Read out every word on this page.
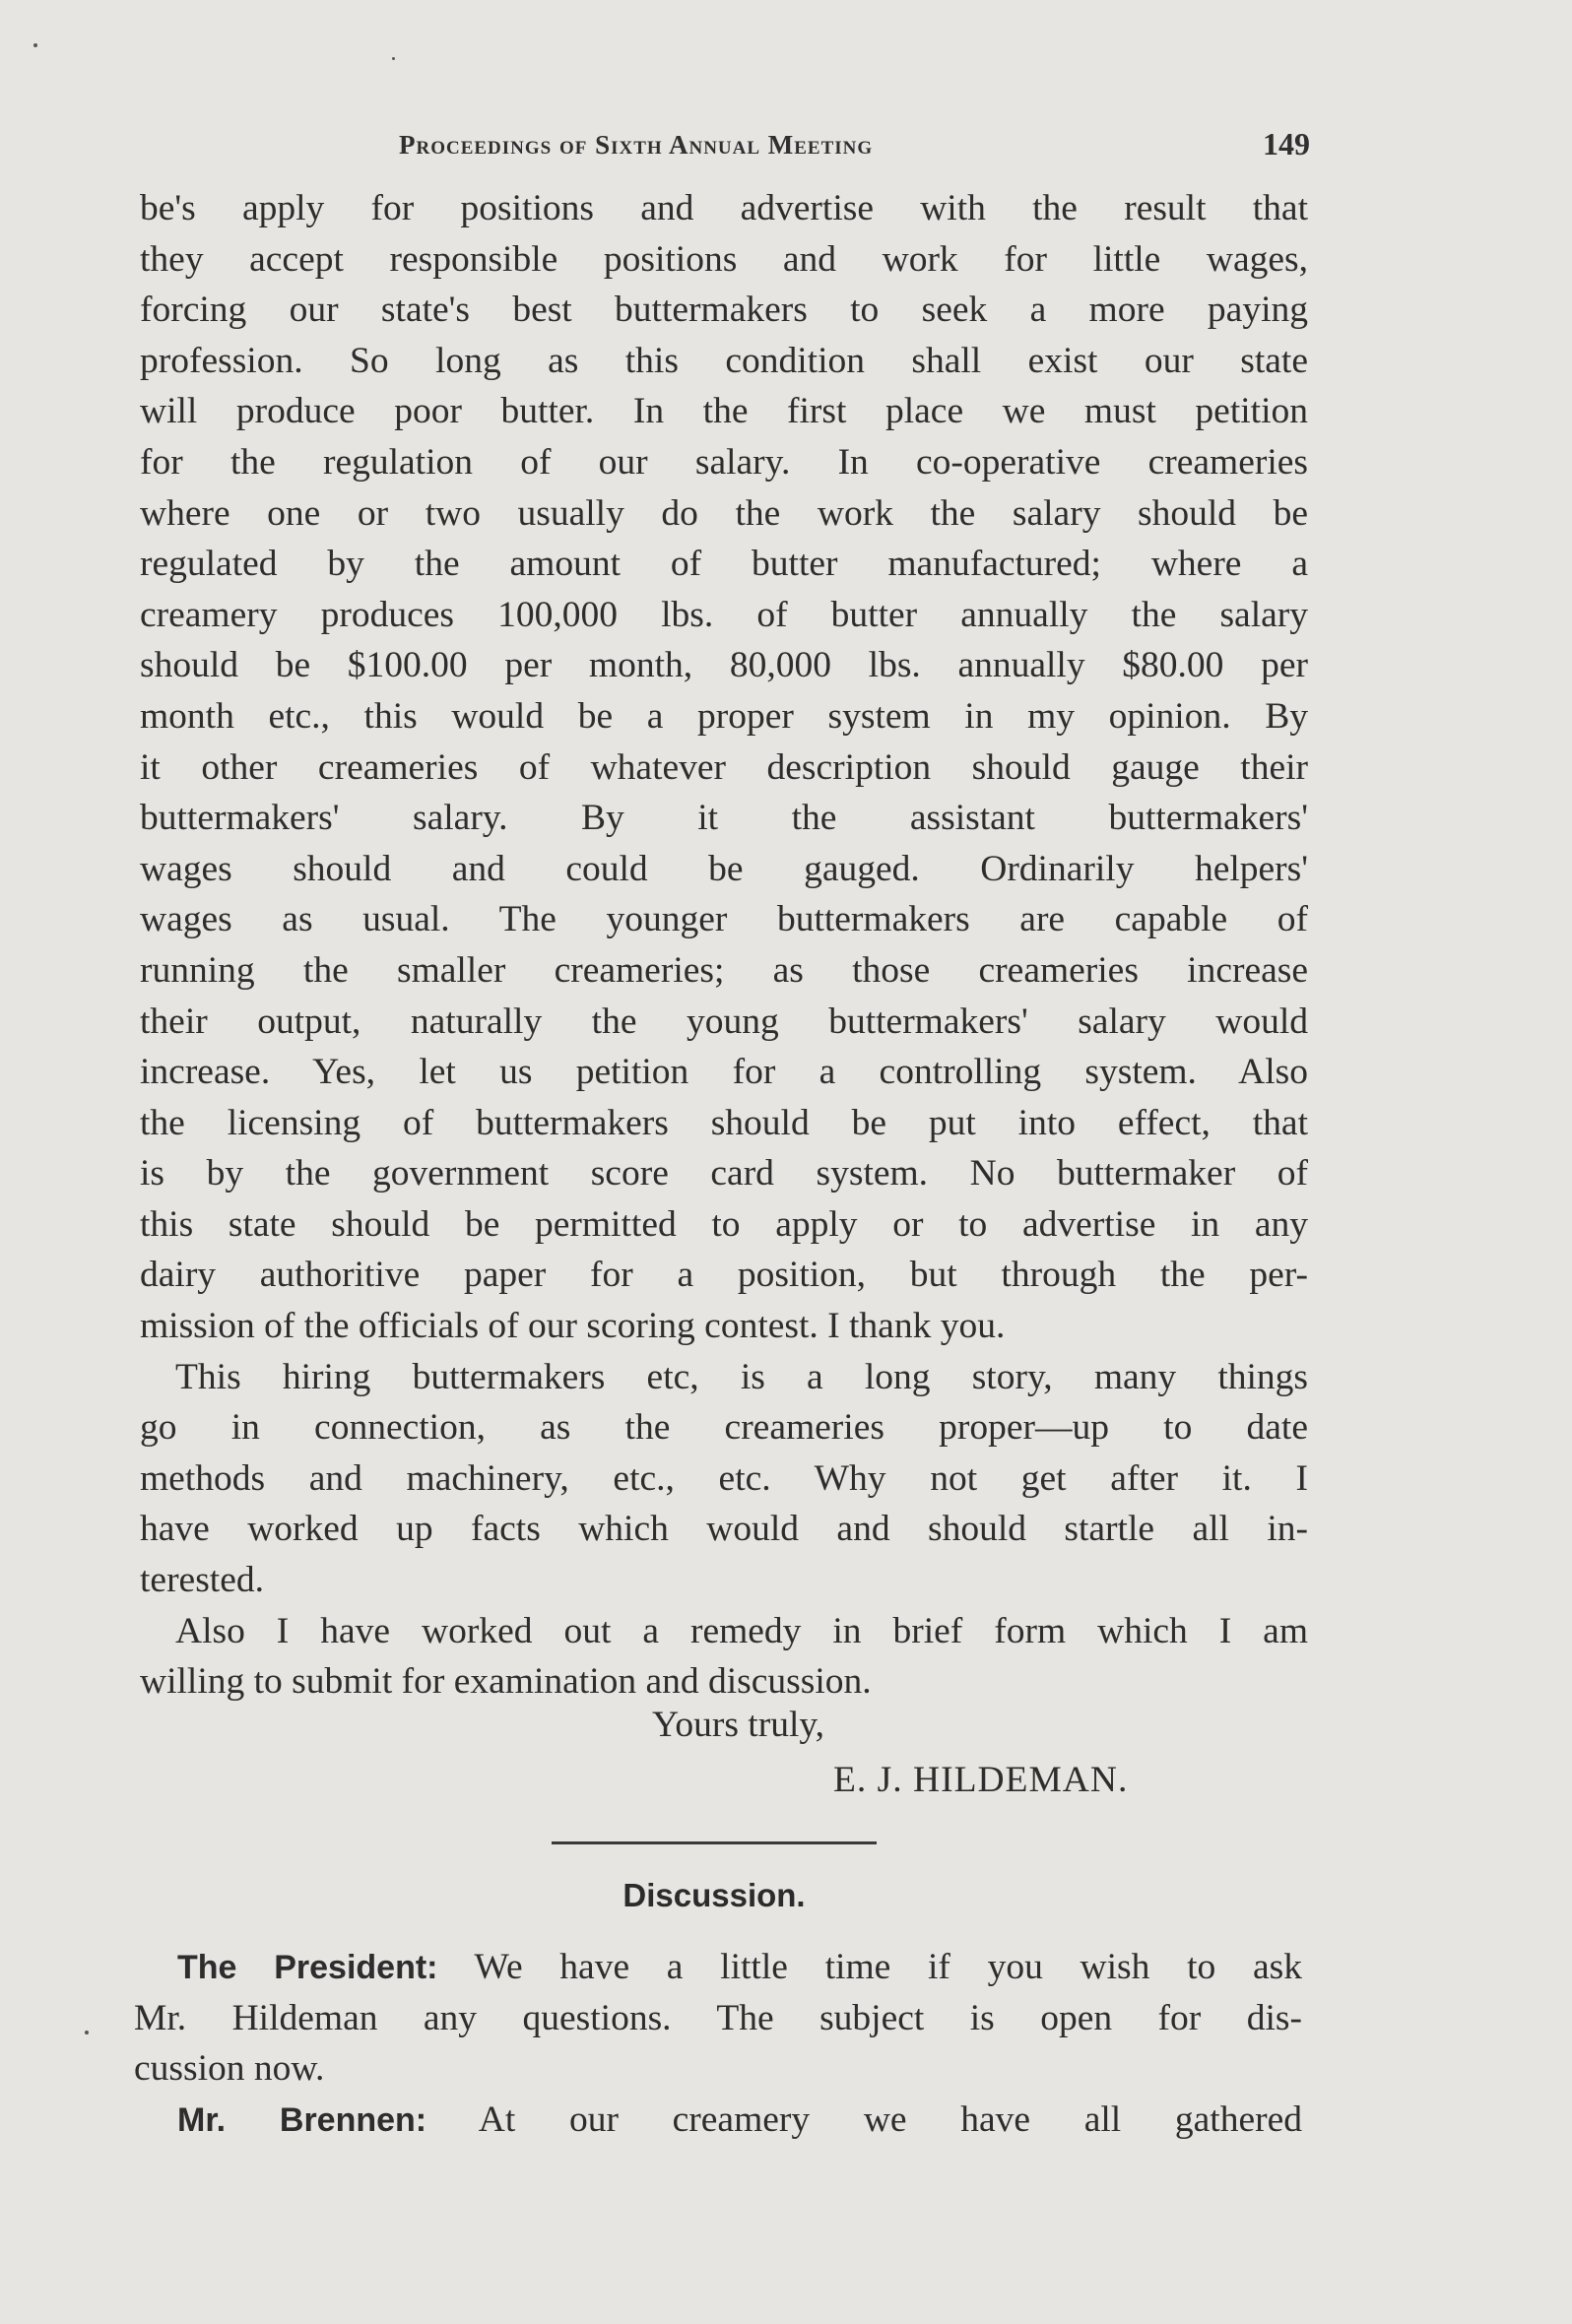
Proceedings of Sixth Annual Meeting	149
be's apply for positions and advertise with the result that
they accept responsible positions and work for little wages,
forcing our state's best buttermakers to seek a more paying
profession. So long as this condition shall exist our state
will produce poor butter. In the first place we must petition
for the regulation of our salary. In co-operative creameries
where one or two usually do the work the salary should be
regulated by the amount of butter manufactured; where a
creamery produces 100,000 lbs. of butter annually the salary
should be $100.00 per month, 80,000 lbs. annually $80.00 per
month etc., this would be a proper system in my opinion. By
it other creameries of whatever description should gauge their
buttermakers' salary. By it the assistant buttermakers'
wages should and could be gauged. Ordinarily helpers'
wages as usual. The younger buttermakers are capable of
running the smaller creameries; as those creameries increase
their output, naturally the young buttermakers' salary would
increase. Yes, let us petition for a controlling system. Also
the licensing of buttermakers should be put into effect, that
is by the government score card system. No buttermaker of
this state should be permitted to apply or to advertise in any
dairy authoritive paper for a position, but through the per-
mission of the officials of our scoring contest. I thank you.
This hiring buttermakers etc, is a long story, many things
go in connection, as the creameries proper—up to date
methods and machinery, etc., etc. Why not get after it. I
have worked up facts which would and should startle all in-
terested.
Also I have worked out a remedy in brief form which I am
willing to submit for examination and discussion.
Yours truly,
E. J. HILDEMAN.
Discussion.
The President: We have a little time if you wish to ask
Mr. Hildeman any questions. The subject is open for dis-
cussion now.
Mr. Brennen: At our creamery we have all gathered
